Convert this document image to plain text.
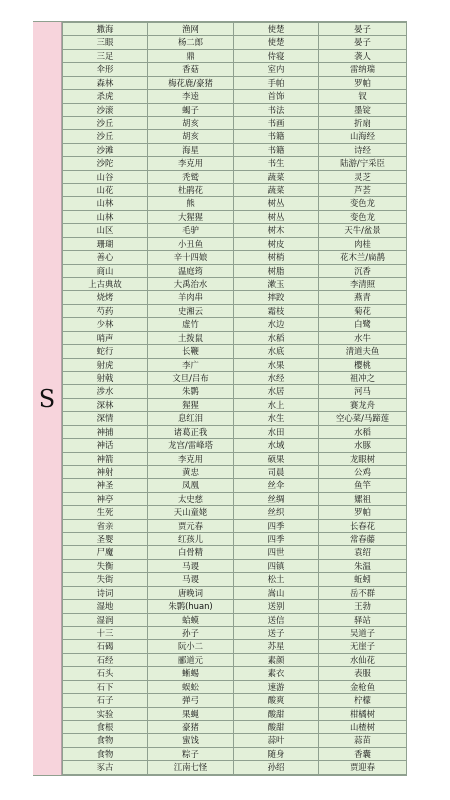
S
撒海	渔网	使楚	晏子
三眼	杨二郎	使楚	晏子
三足	鼎	侍寝	袭人
伞形	香菇	室内	雷纳瑞
森林	梅花鹿/豪猪	手帕	罗帕
杀虎	李逵	首饰	钗
沙滚	蝎子	书法	墨锭
沙丘	胡亥	书画	折扇
沙丘	胡亥	书籍	山海经
沙滩	海星	书籍	诗经
沙陀	李克用	书生	陆游/宁采臣
山谷	秃鹫	蔬菜	灵芝
山花	杜鹃花	蔬菜	芦荟
山林	熊	树丛	变色龙
山林	大猩猩	树丛	变色龙
山区	毛驴	树木	天牛/盆景
珊瑚	小丑鱼	树皮	肉桂
善心	辛十四娘	树梢	花木兰/扁鹊
商山	温庭筠	树脂	沉香
上古典故	大禹治水	漱玉	李清照
烧烤	羊肉串	摔跤	燕青
芍药	史湘云	霜枝	菊花
少林	虚竹	水边	白鹭
哨声	土拨鼠	水稻	水牛
蛇行	长鞭	水底	清道夫鱼
射虎	李广	水果	樱桃
射戟	文旦/吕布	水经	祖冲之
涉水	朱鹮	水居	河马
深林	猩猩	水上	赛龙舟
深情	息红泪	水生	空心菜/马蹄莲
神捕	诸葛正我	水田	水稻
神话	龙宫/雷峰塔	水域	水豚
神箭	李克用	硕果	龙眼树
神射	黄忠	司晨	公鸡
神圣	凤凰	丝伞	鱼竿
神亭	太史慈	丝绸	嫘祖
生死	天山童姥	丝织	罗帕
省亲	贾元春	四季	长春花
圣婴	红孩儿	四季	常春藤
尸魔	白骨精	四世	袁绍
失衡	马谡	四镇	朱温
失街	马谡	松土	蚯蚓
诗词	唐晚词	嵩山	岳不群
湿地	朱鹮(huan)	送别	王勃
湿润	蛤蟆	送信	驿站
十三	孙子	送子	吴道子
石碣	阮小二	苏星	无崖子
石经	郦道元	素颜	水仙花
石头	蜥蜴	素衣	表服
石下	蜈蚣	速游	金枪鱼
石子	弹弓	酸爽	柠檬
实验	果蝇	酸甜	柑橘树
食根	豪猪	酸甜	山楂树
食物	蜜饯	蒜叶	蒜苗
食物	粽子	随身	香囊
豕古	江南七怪	孙绍	贾迎春
